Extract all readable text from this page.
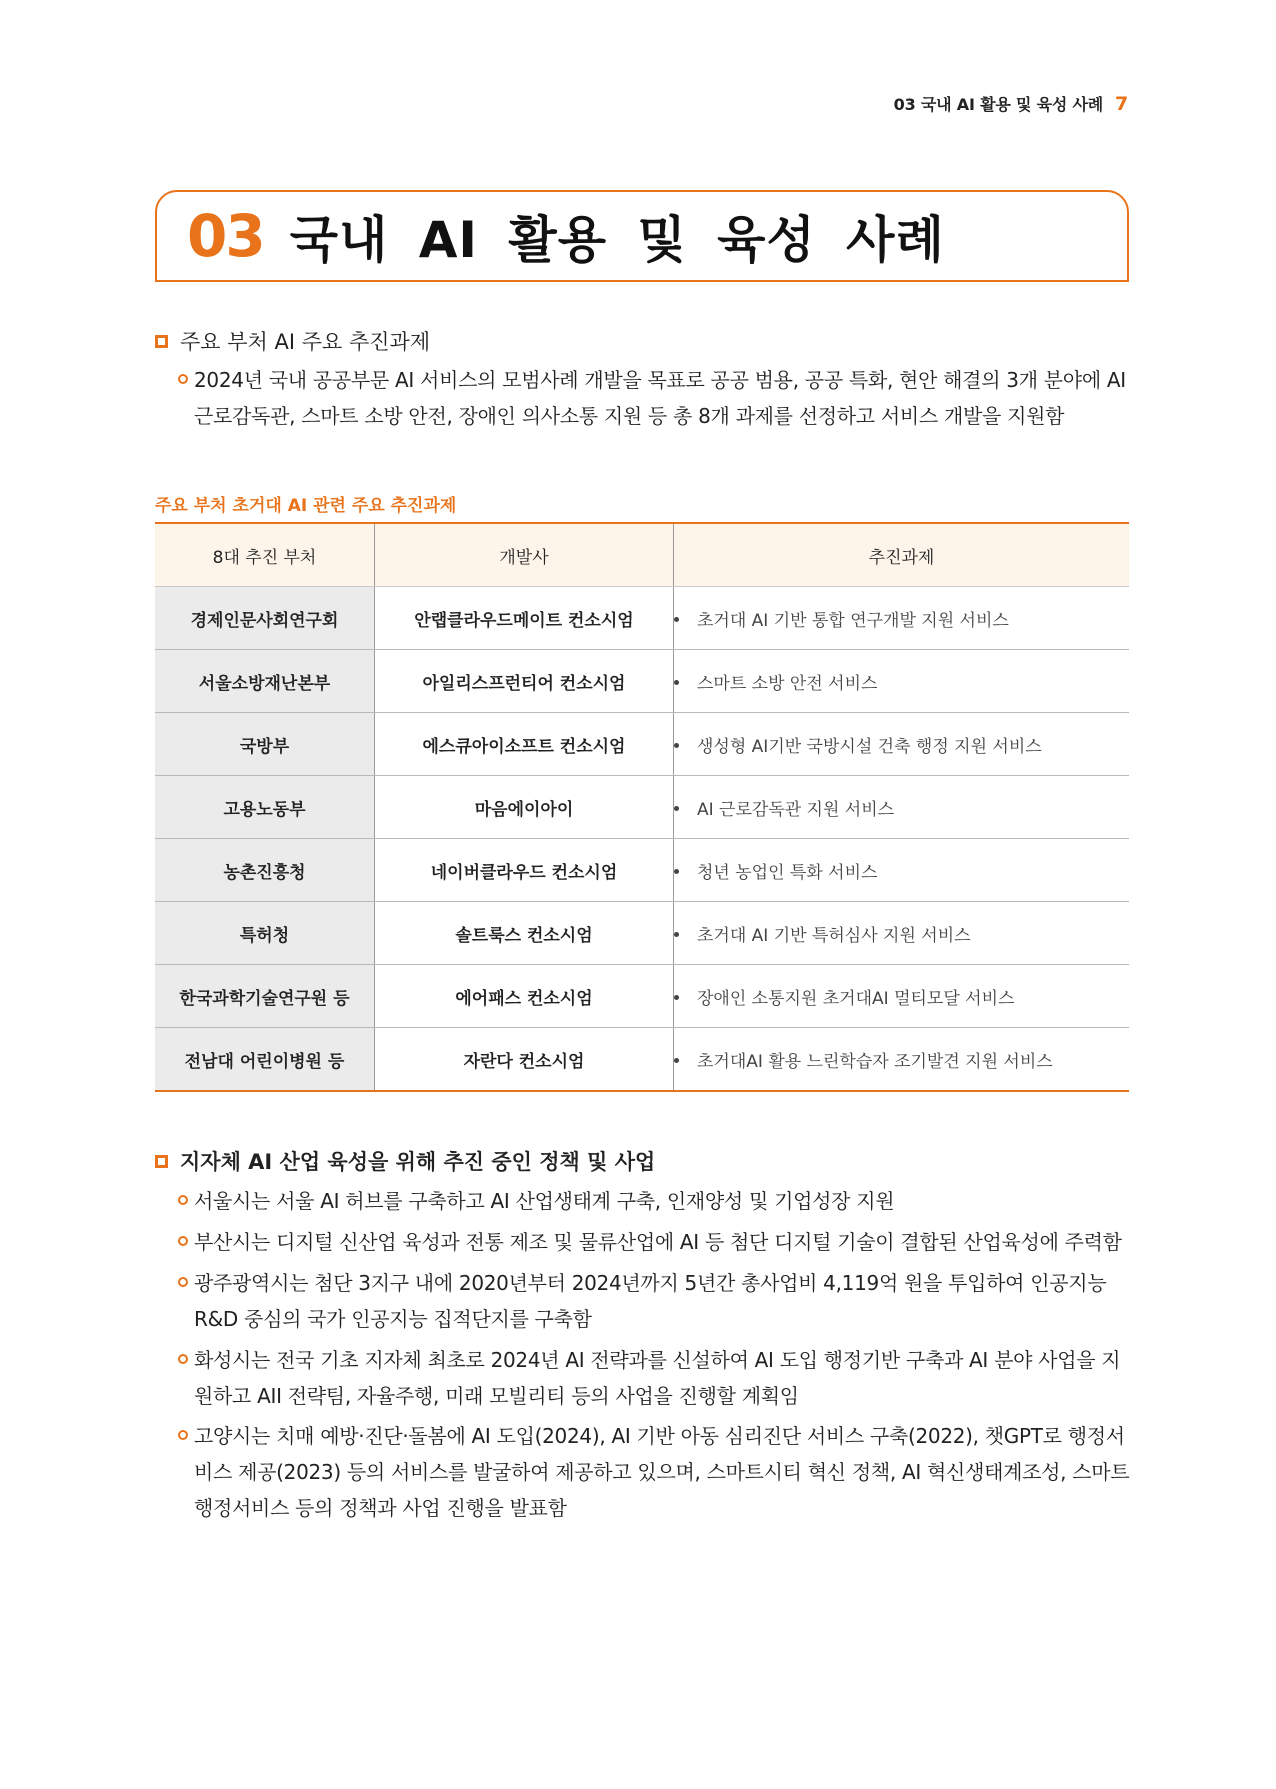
03 국내 AI 활용 및 육성 사례 7
03 국내 AI 활용 및 육성 사례
주요 부처 AI 주요 추진과제
2024년 국내 공공부문 AI 서비스의 모범사례 개발을 목표로 공공 범용, 공공 특화, 현안 해결의 3개 분야에 AI 근로감독관, 스마트 소방 안전, 장애인 의사소통 지원 등 총 8개 과제를 선정하고 서비스 개발을 지원함
주요 부처 초거대 AI 관련 주요 추진과제
8대 추진 부처	개발사	추진과제
경제인문사회연구회	안랩클라우드메이트 컨소시엄	초거대 AI 기반 통합 연구개발 지원 서비스
서울소방재난본부	아일리스프런티어 컨소시엄	스마트 소방 안전 서비스
국방부	에스큐아이소프트 컨소시엄	생성형 AI기반 국방시설 건축 행정 지원 서비스
고용노동부	마음에이아이	AI 근로감독관 지원 서비스
농촌진흥청	네이버클라우드 컨소시엄	청년 농업인 특화 서비스
특허청	솔트룩스 컨소시엄	초거대 AI 기반 특허심사 지원 서비스
한국과학기술연구원 등	에어패스 컨소시엄	장애인 소통지원 초거대AI 멀티모달 서비스
전남대 어린이병원 등	자란다 컨소시엄	초거대AI 활용 느린학습자 조기발견 지원 서비스
지자체 AI 산업 육성을 위해 추진 중인 정책 및 사업
서울시는 서울 AI 허브를 구축하고 AI 산업생태계 구축, 인재양성 및 기업성장 지원
부산시는 디지털 신산업 육성과 전통 제조 및 물류산업에 AI 등 첨단 디지털 기술이 결합된 산업육성에 주력함
광주광역시는 첨단 3지구 내에 2020년부터 2024년까지 5년간 총사업비 4,119억 원을 투입하여 인공지능 R&D 중심의 국가 인공지능 집적단지를 구축함
화성시는 전국 기초 지자체 최초로 2024년 AI 전략과를 신설하여 AI 도입 행정기반 구축과 AI 분야 사업을 지원하고 AII 전략팀, 자율주행, 미래 모빌리티 등의 사업을 진행할 계획임
고양시는 치매 예방·진단·돌봄에 AI 도입(2024), AI 기반 아동 심리진단 서비스 구축(2022), 챗GPT로 행정서비스 제공(2023) 등의 서비스를 발굴하여 제공하고 있으며, 스마트시티 혁신 정책, AI 혁신생태계조성, 스마트 행정서비스 등의 정책과 사업 진행을 발표함
